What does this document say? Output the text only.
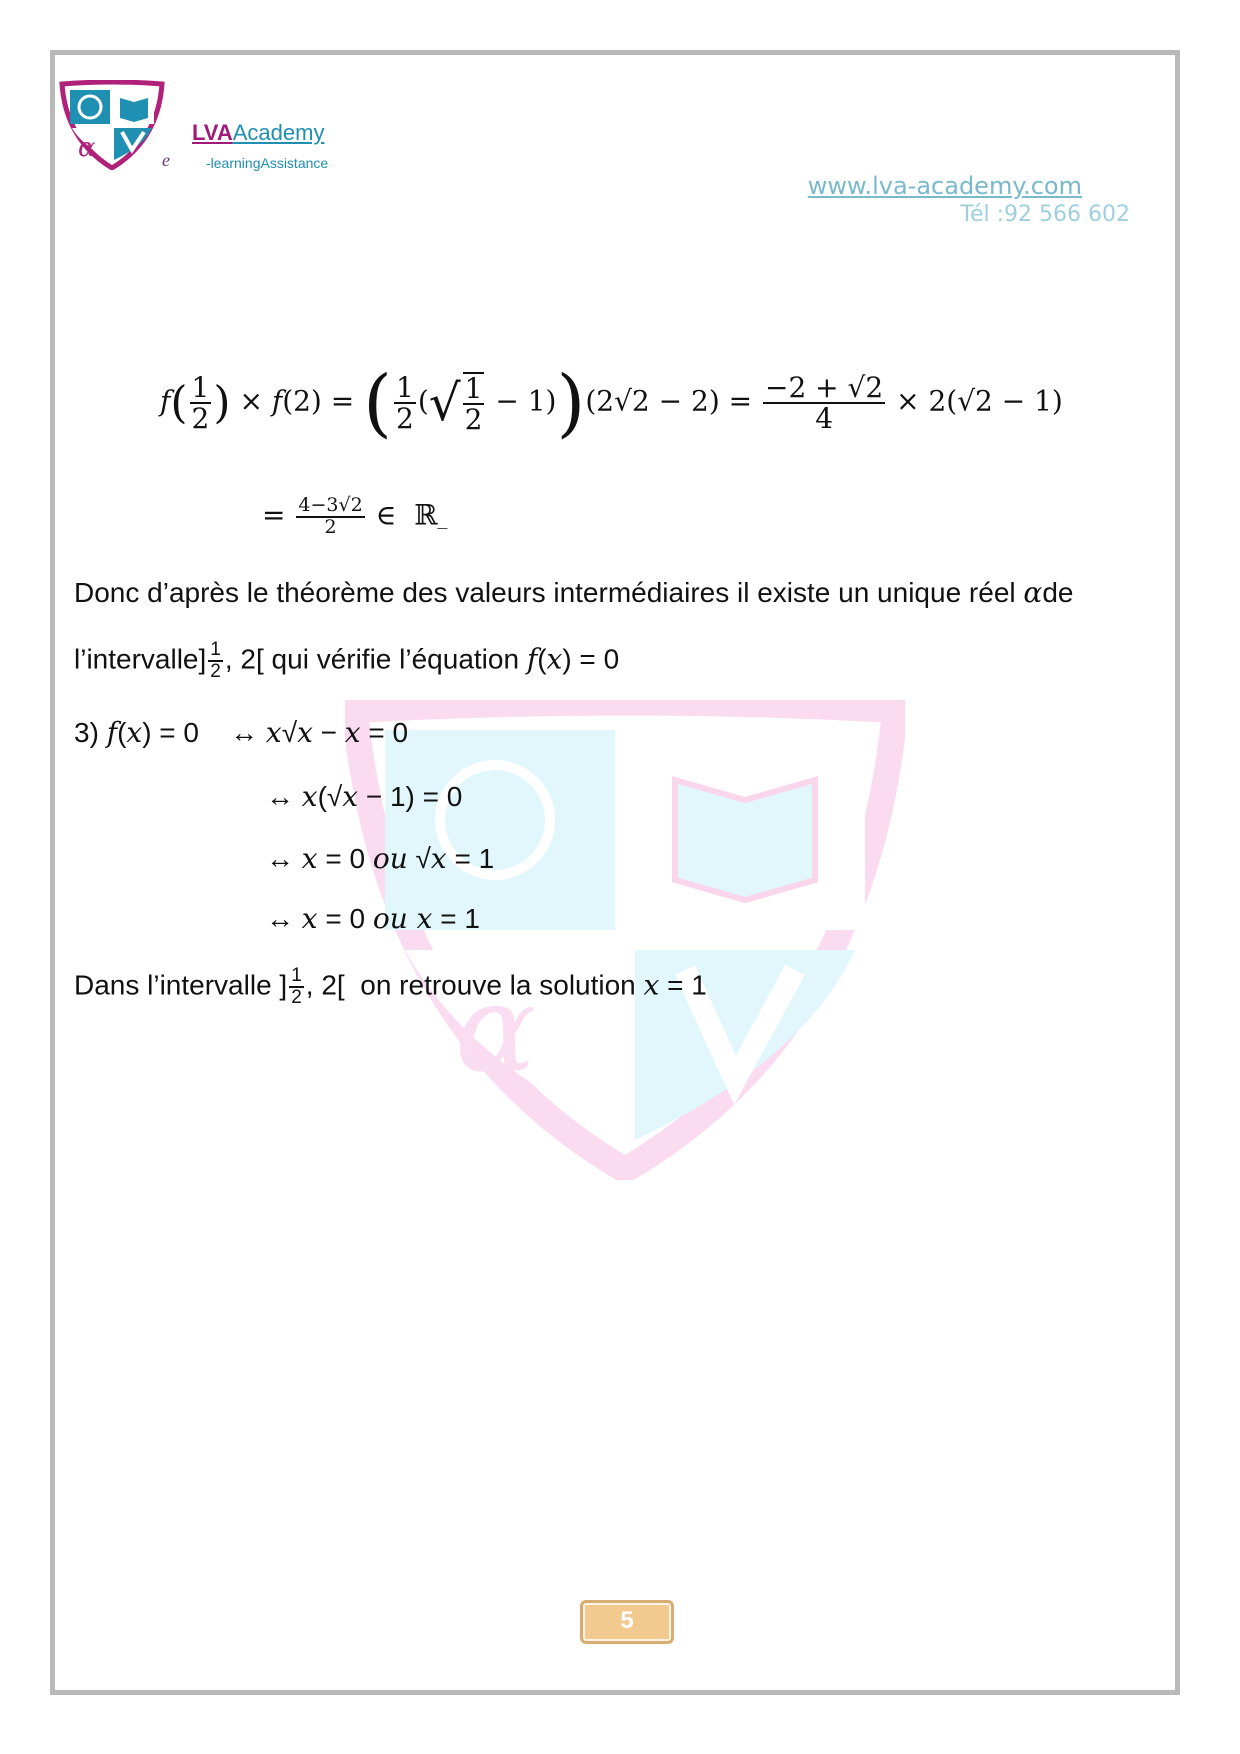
α
α
LVAAcademy
e	-learningAssistance
www.lva-academy.com
Tél :92 566 602
$f( \frac{1}{2}$ ) × f(2) = ( $\frac{1}{2}$ (√ $\frac{1}{2} - 1))(2√2 - 2) = \frac{-2 + √2}{4} \times 2(√2 - 1)$
= $\frac{4-3√2}{2}$ ∈  ℝ_
Donc d’après le théorème des valeurs intermédiaires il existe un unique réel αde
l’intervalle] $\frac{1}{2}$ , 2[ qui vérifie l’équation f(x) = 0
3) f(x) = 0    ↔ x√x − x = 0
↔ x(√x − 1) = 0
↔ x = 0 ou √x = 1
↔ x = 0 ou x = 1
Dans l’intervalle ] $\frac{1}{2}$ , 2[  on retrouve la solution x = 1
5
